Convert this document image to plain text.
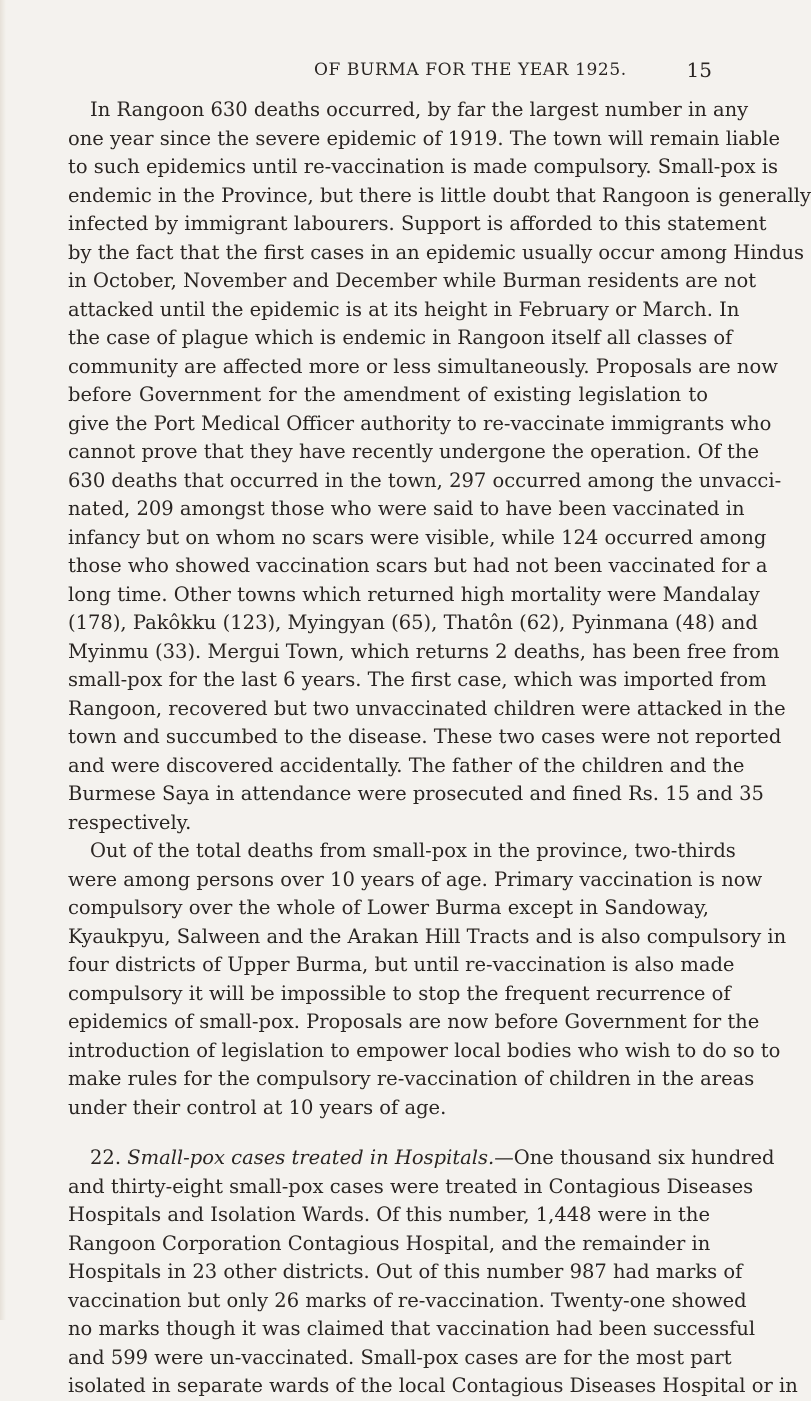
OF BURMA FOR THE YEAR 1925.	15
In Rangoon 630 deaths occurred, by far the largest number in any
one year since the severe epidemic of 1919. The town will remain liable
to such epidemics until re-vaccination is made compulsory. Small-pox is
endemic in the Province, but there is little doubt that Rangoon is generally
infected by immigrant labourers. Support is afforded to this statement
by the fact that the first cases in an epidemic usually occur among Hindus
in October, November and December while Burman residents are not
attacked until the epidemic is at its height in February or March. In
the case of plague which is endemic in Rangoon itself all classes of
community are affected more or less simultaneously. Proposals are now
before Government for the amendment of existing legislation to
give the Port Medical Officer authority to re-vaccinate immigrants who
cannot prove that they have recently undergone the operation. Of the
630 deaths that occurred in the town, 297 occurred among the unvacci-
nated, 209 amongst those who were said to have been vaccinated in
infancy but on whom no scars were visible, while 124 occurred among
those who showed vaccination scars but had not been vaccinated for a
long time. Other towns which returned high mortality were Mandalay
(178), Pakôkku (123), Myingyan (65), Thatôn (62), Pyinmana (48) and
Myinmu (33). Mergui Town, which returns 2 deaths, has been free from
small-pox for the last 6 years. The first case, which was imported from
Rangoon, recovered but two unvaccinated children were attacked in the
town and succumbed to the disease. These two cases were not reported
and were discovered accidentally. The father of the children and the
Burmese Saya in attendance were prosecuted and fined Rs. 15 and 35
respectively.
Out of the total deaths from small-pox in the province, two-thirds
were among persons over 10 years of age. Primary vaccination is now
compulsory over the whole of Lower Burma except in Sandoway,
Kyaukpyu, Salween and the Arakan Hill Tracts and is also compulsory in
four districts of Upper Burma, but until re-vaccination is also made
compulsory it will be impossible to stop the frequent recurrence of
epidemics of small-pox. Proposals are now before Government for the
introduction of legislation to empower local bodies who wish to do so to
make rules for the compulsory re-vaccination of children in the areas
under their control at 10 years of age.
22. Small-pox cases treated in Hospitals.—One thousand six hundred
and thirty-eight small-pox cases were treated in Contagious Diseases
Hospitals and Isolation Wards. Of this number, 1,448 were in the
Rangoon Corporation Contagious Hospital, and the remainder in
Hospitals in 23 other districts. Out of this number 987 had marks of
vaccination but only 26 marks of re-vaccination. Twenty-one showed
no marks though it was claimed that vaccination had been successful
and 599 were un-vaccinated. Small-pox cases are for the most part
isolated in separate wards of the local Contagious Diseases Hospital or in
